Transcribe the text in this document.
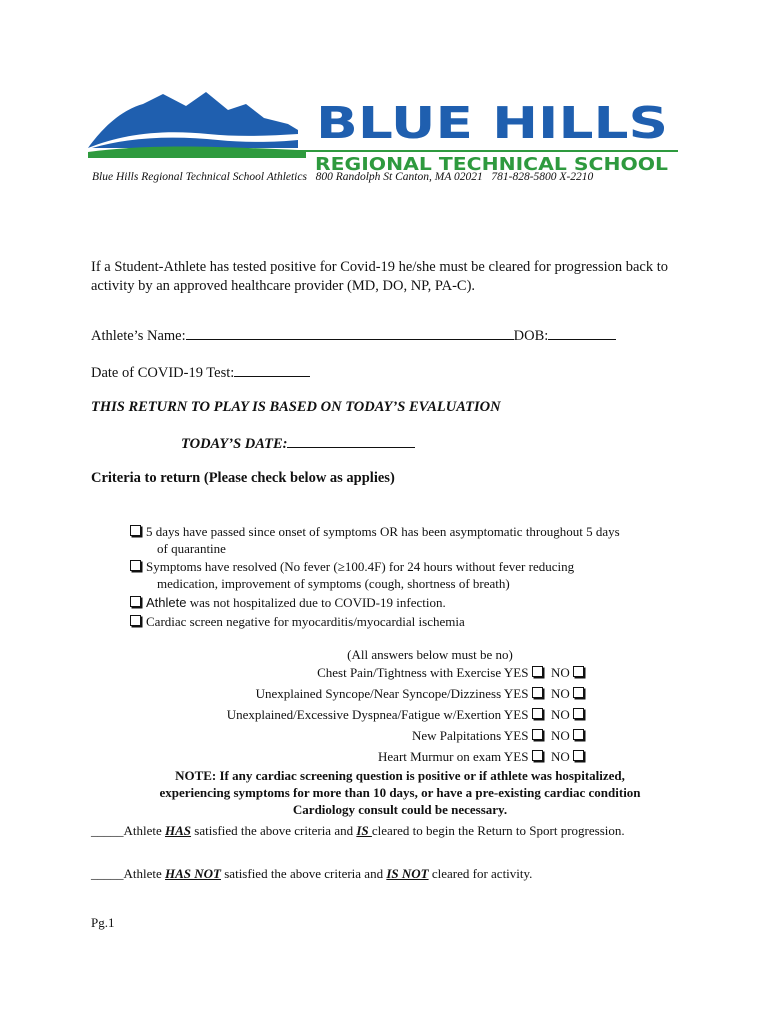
BLUE HILLS
REGIONAL TECHNICAL SCHOOL
Blue Hills Regional Technical School Athletics   800 Randolph St Canton, MA 02021   781-828-5800 X-2210
If a Student-Athlete has tested positive for Covid-19 he/she must be cleared for progression back to activity by an approved healthcare provider (MD, DO, NP, PA-C).
Athlete’s Name:	DOB:
Date of COVID-19 Test:
THIS RETURN TO PLAY IS BASED ON TODAY’S EVALUATION
TODAY’S DATE:
Criteria to return (Please check below as applies)
5 days have passed since onset of symptoms OR has been asymptomatic throughout 5 days
of quarantine
Symptoms have resolved (No fever (≥100.4F) for 24 hours without fever reducing
medication, improvement of symptoms (cough, shortness of breath)
Athlete was not hospitalized due to COVID-19 infection.
Cardiac screen negative for myocarditis/myocardial ischemia
(All answers below must be no)
Chest Pain/Tightness with Exercise YES NO
Unexplained Syncope/Near Syncope/Dizziness YES NO
Unexplained/Excessive Dyspnea/Fatigue w/Exertion YES NO
New Palpitations YES NO
Heart Murmur on exam YES NO
NOTE: If any cardiac screening question is positive or if athlete was hospitalized,
experiencing symptoms for more than 10 days, or have a pre-existing cardiac condition
Cardiology consult could be necessary.
_____Athlete HAS satisfied the above criteria and IS cleared to begin the Return to Sport progression.
_____Athlete HAS NOT satisfied the above criteria and IS NOT cleared for activity.
Pg.1
